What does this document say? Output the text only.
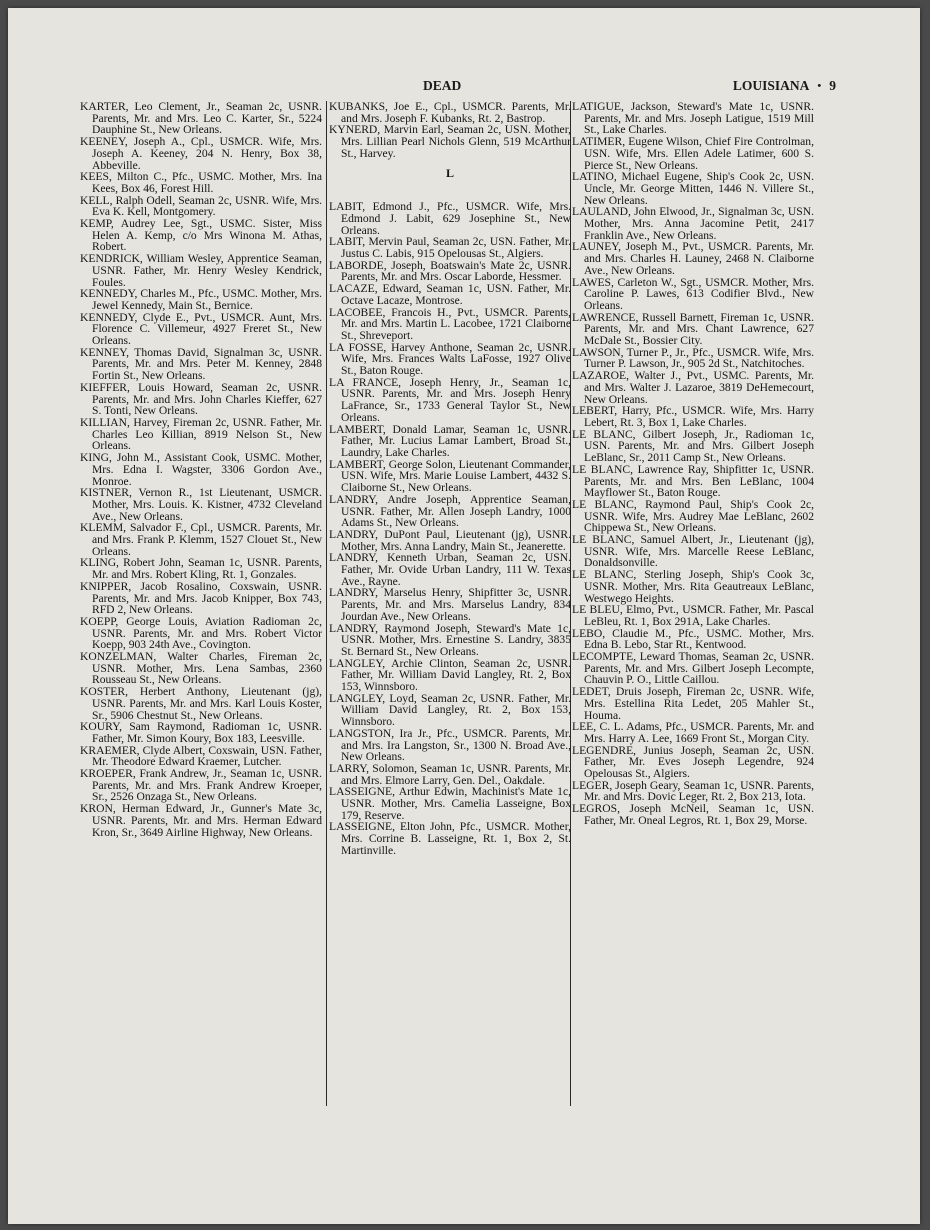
DEAD	LOUISIANA • 9

KARTER, Leo Clement, Jr., Seaman 2c, USNR. Parents, Mr. and Mrs. Leo C. Karter, Sr., 5224 Dauphine St., New Orleans.

KEENEY, Joseph A., Cpl., USMCR. Wife, Mrs. Joseph A. Keeney, 204 N. Henry, Box 38, Abbeville.

KEES, Milton C., Pfc., USMC. Mother, Mrs. Ina Kees, Box 46, Forest Hill.

KELL, Ralph Odell, Seaman 2c, USNR. Wife, Mrs. Eva K. Kell, Montgomery.

KEMP, Audrey Lee, Sgt., USMC. Sister, Miss Helen A. Kemp, c/o Mrs Winona M. Athas, Robert.

KENDRICK, William Wesley, Apprentice Seaman, USNR. Father, Mr. Henry Wesley Kendrick, Foules.

KENNEDY, Charles M., Pfc., USMC. Mother, Mrs. Jewel Kennedy, Main St., Bernice.

KENNEDY, Clyde E., Pvt., USMCR. Aunt, Mrs. Florence C. Villemeur, 4927 Freret St., New Orleans.

KENNEY, Thomas David, Signalman 3c, USNR. Parents, Mr. and Mrs. Peter M. Kenney, 2848 Fortin St., New Orleans.

KIEFFER, Louis Howard, Seaman 2c, USNR. Parents, Mr. and Mrs. John Charles Kieffer, 627 S. Tonti, New Orleans.

KILLIAN, Harvey, Fireman 2c, USNR. Father, Mr. Charles Leo Killian, 8919 Nelson St., New Orleans.

KING, John M., Assistant Cook, USMC. Mother, Mrs. Edna I. Wagster, 3306 Gordon Ave., Monroe.

KISTNER, Vernon R., 1st Lieutenant, USMCR. Mother, Mrs. Louis. K. Kistner, 4732 Cleveland Ave., New Orleans.

KLEMM, Salvador F., Cpl., USMCR. Parents, Mr. and Mrs. Frank P. Klemm, 1527 Clouet St., New Orleans.

KLING, Robert John, Seaman 1c, USNR. Parents, Mr. and Mrs. Robert Kling, Rt. 1, Gonzales.

KNIPPER, Jacob Rosalino, Coxswain, USNR. Parents, Mr. and Mrs. Jacob Knipper, Box 743, RFD 2, New Orleans.

KOEPP, George Louis, Aviation Radioman 2c, USNR. Parents, Mr. and Mrs. Robert Victor Koepp, 903 24th Ave., Covington.

KONZELMAN, Walter Charles, Fireman 2c, USNR. Mother, Mrs. Lena Sambas, 2360 Rousseau St., New Orleans.

KOSTER, Herbert Anthony, Lieutenant (jg), USNR. Parents, Mr. and Mrs. Karl Louis Koster, Sr., 5906 Chestnut St., New Orleans.

KOURY, Sam Raymond, Radioman 1c, USNR. Father, Mr. Simon Koury, Box 183, Leesville.

KRAEMER, Clyde Albert, Coxswain, USN. Father, Mr. Theodore Edward Kraemer, Lutcher.

KROEPER, Frank Andrew, Jr., Seaman 1c, USNR. Parents, Mr. and Mrs. Frank Andrew Kroeper, Sr., 2526 Onzaga St., New Orleans.

KRON, Herman Edward, Jr., Gunner's Mate 3c, USNR. Parents, Mr. and Mrs. Herman Edward Kron, Sr., 3649 Airline Highway, New Orleans.

KUBANKS, Joe E., Cpl., USMCR. Parents, Mr. and Mrs. Joseph F. Kubanks, Rt. 2, Bastrop.

KYNERD, Marvin Earl, Seaman 2c, USN. Mother, Mrs. Lillian Pearl Nichols Glenn, 519 McArthur St., Harvey.

L

LABIT, Edmond J., Pfc., USMCR. Wife, Mrs. Edmond J. Labit, 629 Josephine St., New Orleans.

LABIT, Mervin Paul, Seaman 2c, USN. Father, Mr. Justus C. Labis, 915 Opelousas St., Algiers.

LABORDE, Joseph, Boatswain's Mate 2c, USNR. Parents, Mr. and Mrs. Oscar Laborde, Hessmer.

LACAZE, Edward, Seaman 1c, USN. Father, Mr. Octave Lacaze, Montrose.

LACOBEE, Francois H., Pvt., USMCR. Parents, Mr. and Mrs. Martin L. Lacobee, 1721 Claiborne St., Shreveport.

LA FOSSE, Harvey Anthone, Seaman 2c, USNR. Wife, Mrs. Frances Walts LaFosse, 1927 Olive St., Baton Rouge.

LA FRANCE, Joseph Henry, Jr., Seaman 1c, USNR. Parents, Mr. and Mrs. Joseph Henry LaFrance, Sr., 1733 General Taylor St., New Orleans.

LAMBERT, Donald Lamar, Seaman 1c, USNR. Father, Mr. Lucius Lamar Lambert, Broad St., Laundry, Lake Charles.

LAMBERT, George Solon, Lieutenant Commander, USN. Wife, Mrs. Marie Louise Lambert, 4432 S. Claiborne St., New Orleans.

LANDRY, Andre Joseph, Apprentice Seaman, USNR. Father, Mr. Allen Joseph Landry, 1000 Adams St., New Orleans.

LANDRY, DuPont Paul, Lieutenant (jg), USNR. Mother, Mrs. Anna Landry, Main St., Jeanerette.

LANDRY, Kenneth Urban, Seaman 2c, USN. Father, Mr. Ovide Urban Landry, 111 W. Texas Ave., Rayne.

LANDRY, Marselus Henry, Shipfitter 3c, USNR. Parents, Mr. and Mrs. Marselus Landry, 834 Jourdan Ave., New Orleans.

LANDRY, Raymond Joseph, Steward's Mate 1c, USNR. Mother, Mrs. Ernestine S. Landry, 3835 St. Bernard St., New Orleans.

LANGLEY, Archie Clinton, Seaman 2c, USNR. Father, Mr. William David Langley, Rt. 2, Box 153, Winnsboro.

LANGLEY, Loyd, Seaman 2c, USNR. Father, Mr. William David Langley, Rt. 2, Box 153, Winnsboro.

LANGSTON, Ira Jr., Pfc., USMCR. Parents, Mr. and Mrs. Ira Langston, Sr., 1300 N. Broad Ave., New Orleans.

LARRY, Solomon, Seaman 1c, USNR. Parents, Mr. and Mrs. Elmore Larry, Gen. Del., Oakdale.

LASSEIGNE, Arthur Edwin, Machinist's Mate 1c, USNR. Mother, Mrs. Camelia Lasseigne, Box 179, Reserve.

LASSEIGNE, Elton John, Pfc., USMCR. Mother, Mrs. Corrine B. Lasseigne, Rt. 1, Box 2, St. Martinville.

LATIGUE, Jackson, Steward's Mate 1c, USNR. Parents, Mr. and Mrs. Joseph Latigue, 1519 Mill St., Lake Charles.

LATIMER, Eugene Wilson, Chief Fire Controlman, USN. Wife, Mrs. Ellen Adele Latimer, 600 S. Pierce St., New Orleans.

LATINO, Michael Eugene, Ship's Cook 2c, USN. Uncle, Mr. George Mitten, 1446 N. Villere St., New Orleans.

LAULAND, John Elwood, Jr., Signalman 3c, USN. Mother, Mrs. Anna Jacomine Petit, 2417 Franklin Ave., New Orleans.

LAUNEY, Joseph M., Pvt., USMCR. Parents, Mr. and Mrs. Charles H. Launey, 2468 N. Claiborne Ave., New Orleans.

LAWES, Carleton W., Sgt., USMCR. Mother, Mrs. Caroline P. Lawes, 613 Codifier Blvd., New Orleans.

LAWRENCE, Russell Barnett, Fireman 1c, USNR. Parents, Mr. and Mrs. Chant Lawrence, 627 McDale St., Bossier City.

LAWSON, Turner P., Jr., Pfc., USMCR. Wife, Mrs. Turner P. Lawson, Jr., 905 2d St., Natchitoches.

LAZAROE, Walter J., Pvt., USMC. Parents, Mr. and Mrs. Walter J. Lazaroe, 3819 DeHemecourt, New Orleans.

LEBERT, Harry, Pfc., USMCR. Wife, Mrs. Harry Lebert, Rt. 3, Box 1, Lake Charles.

LE BLANC, Gilbert Joseph, Jr., Radioman 1c, USN. Parents, Mr. and Mrs. Gilbert Joseph LeBlanc, Sr., 2011 Camp St., New Orleans.

LE BLANC, Lawrence Ray, Shipfitter 1c, USNR. Parents, Mr. and Mrs. Ben LeBlanc, 1004 Mayflower St., Baton Rouge.

LE BLANC, Raymond Paul, Ship's Cook 2c, USNR. Wife, Mrs. Audrey Mae LeBlanc, 2602 Chippewa St., New Orleans.

LE BLANC, Samuel Albert, Jr., Lieutenant (jg), USNR. Wife, Mrs. Marcelle Reese LeBlanc, Donaldsonville.

LE BLANC, Sterling Joseph, Ship's Cook 3c, USNR. Mother, Mrs. Rita Geautreaux LeBlanc, Westwego Heights.

LE BLEU, Elmo, Pvt., USMCR. Father, Mr. Pascal LeBleu, Rt. 1, Box 291A, Lake Charles.

LEBO, Claudie M., Pfc., USMC. Mother, Mrs. Edna B. Lebo, Star Rt., Kentwood.

LECOMPTE, Leward Thomas, Seaman 2c, USNR. Parents, Mr. and Mrs. Gilbert Joseph Lecompte, Chauvin P. O., Little Caillou.

LEDET, Druis Joseph, Fireman 2c, USNR. Wife, Mrs. Estellina Rita Ledet, 205 Mahler St., Houma.

LEE, C. L. Adams, Pfc., USMCR. Parents, Mr. and Mrs. Harry A. Lee, 1669 Front St., Morgan City.

LEGENDRE, Junius Joseph, Seaman 2c, USN. Father, Mr. Eves Joseph Legendre, 924 Opelousas St., Algiers.

LEGER, Joseph Geary, Seaman 1c, USNR. Parents, Mr. and Mrs. Dovic Leger, Rt. 2, Box 213, Iota.

LEGROS, Joseph McNeil, Seaman 1c, USN. Father, Mr. Oneal Legros, Rt. 1, Box 29, Morse.
